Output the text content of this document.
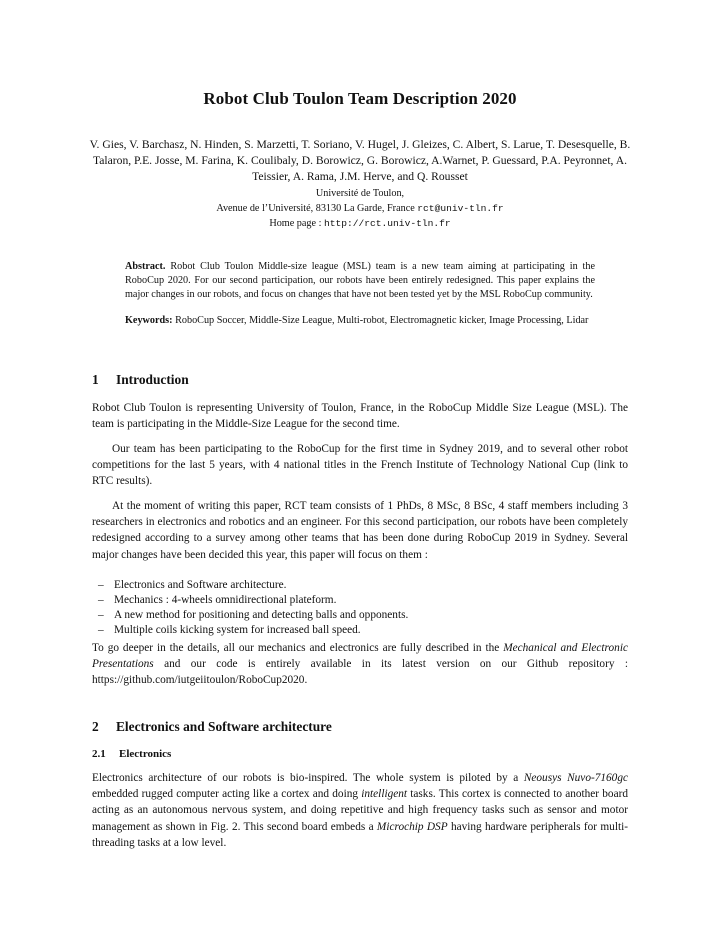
Robot Club Toulon Team Description 2020
V. Gies, V. Barchasz, N. Hinden, S. Marzetti, T. Soriano, V. Hugel, J. Gleizes, C. Albert, S. Larue, T. Desesquelle, B. Talaron, P.E. Josse, M. Farina, K. Coulibaly, D. Borowicz, G. Borowicz, A.Warnet, P. Guessard, P.A. Peyronnet, A. Teissier, A. Rama, J.M. Herve, and Q. Rousset
Université de Toulon,
Avenue de l’Université, 83130 La Garde, France rct@univ-tln.fr
Home page : http://rct.univ-tln.fr

Abstract. Robot Club Toulon Middle-size league (MSL) team is a new team aiming at participating in the RoboCup 2020. For our second participation, our robots have been entirely redesigned. This paper explains the major changes in our robots, and focus on changes that have not been tested yet by the MSL RoboCup community.

Keywords: RoboCup Soccer, Middle-Size League, Multi-robot, Electromagnetic kicker, Image Processing, Lidar

1 Introduction

Robot Club Toulon is representing University of Toulon, France, in the RoboCup Middle Size League (MSL). The team is participating in the Middle-Size League for the second time.

Our team has been participating to the RoboCup for the first time in Sydney 2019, and to several other robot competitions for the last 5 years, with 4 national titles in the French Institute of Technology National Cup (link to RTC results).

At the moment of writing this paper, RCT team consists of 1 PhDs, 8 MSc, 8 BSc, 4 staff members including 3 researchers in electronics and robotics and an engineer. For this second participation, our robots have been completely redesigned according to a survey among other teams that has been done during RoboCup 2019 in Sydney. Several major changes have been decided this year, this paper will focus on them :

– Electronics and Software architecture.
– Mechanics : 4-wheels omnidirectional plateform.
– A new method for positioning and detecting balls and opponents.
– Multiple coils kicking system for increased ball speed.

To go deeper in the details, all our mechanics and electronics are fully described in the Mechanical and Electronic Presentations and our code is entirely available in its latest version on our Github repository : https://github.com/iutgeiitoulon/RoboCup2020.

2 Electronics and Software architecture
2.1 Electronics

Electronics architecture of our robots is bio-inspired. The whole system is piloted by a Neousys Nuvo-7160gc embedded rugged computer acting like a cortex and doing intelligent tasks. This cortex is connected to another board acting as an autonomous nervous system, and doing repetitive and high frequency tasks such as sensor and motor management as shown in Fig. 2. This second board embeds a Microchip DSP having hardware peripherals for multi-threading tasks at a low level.
